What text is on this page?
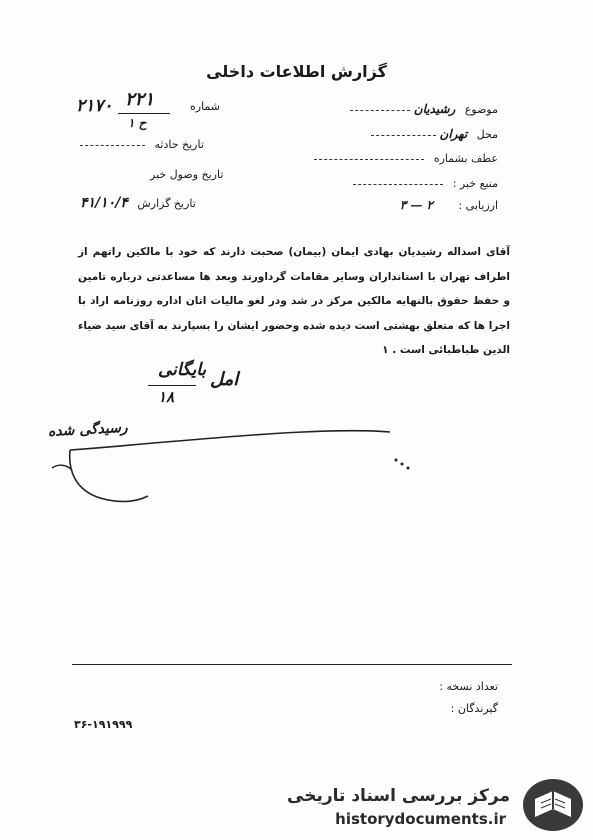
گزارش اطلاعات داخلی
موضوع رشیدیان
محل تهران
عطف بشماره
منبع خبر :
ارزیابی : ۲ — ۳
شماره
۲۲۱
ح ۱
۲۱۷۰
تاریخ حادثه
تاریخ وصول خبر
تاریخ گزارش ۴۱/۱۰/۴
آقای اسداله رشیدیان بهادی ایمان (بیمان) صحبت دارند که خود با مالکین راتهم از اطراف تهران با استانداران وسایر مقامات گرداورند وبعد ها مساعدتی درباره تامین و حفظ حقوق بالنهایه مالکین مرکز در شد ودر لغو مالیات اتان اداره روزنامه اراد با اجرا ها که متعلق بهشتی است دیده شده وحضور ایشان را بسپارند به آقای سید ضیاء الدین طباطبائی است . ۱
بایگانی
۱۸
امل
رسیدگی شده
تعداد نسخه :
گیرندگان :
۳۶-۱۹۱۹۹۹
مرکز بررسی اسناد تاریخی
historydocuments.ir
